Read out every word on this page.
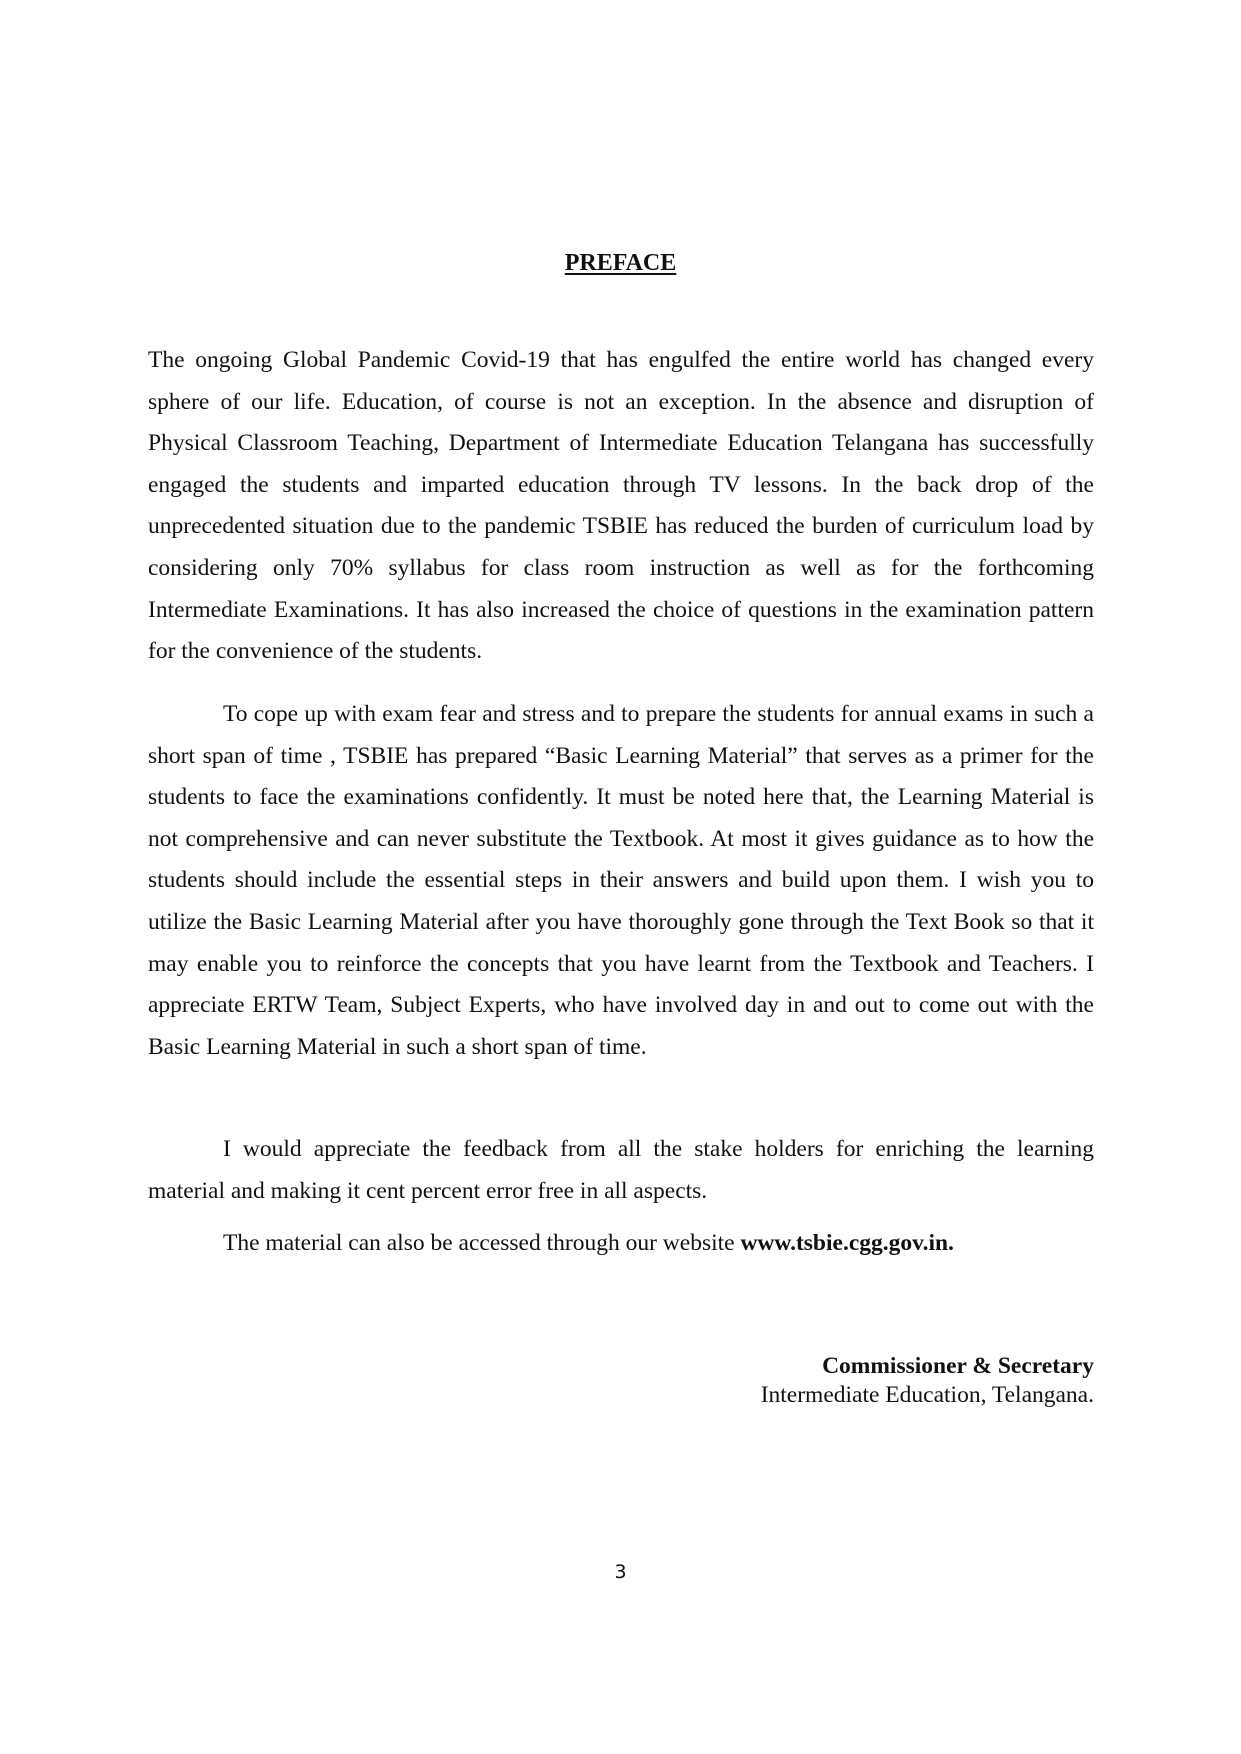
PREFACE

The ongoing Global Pandemic Covid-19 that has engulfed the entire world has changed every sphere of our life. Education, of course is not an exception. In the absence and disruption of Physical Classroom Teaching, Department of Intermediate Education Telangana has successfully engaged the students and imparted education through TV lessons. In the back drop of the unprecedented situation due to the pandemic TSBIE has reduced the burden of curriculum load by considering only 70% syllabus for class room instruction as well as for the forthcoming Intermediate Examinations. It has also increased the choice of questions in the examination pattern for the convenience of the students.

To cope up with exam fear and stress and to prepare the students for annual exams in such a short span of time , TSBIE has prepared “Basic Learning Material” that serves as a primer for the students to face the examinations confidently. It must be noted here that, the Learning Material is not comprehensive and can never substitute the Textbook. At most it gives guidance as to how the students should include the essential steps in their answers and build upon them. I wish you to utilize the Basic Learning Material after you have thoroughly gone through the Text Book so that it may enable you to reinforce the concepts that you have learnt from the Textbook and Teachers. I appreciate ERTW Team, Subject Experts, who have involved day in and out to come out with the Basic Learning Material in such a short span of time.

I would appreciate the feedback from all the stake holders for enriching the learning material and making it cent percent error free in all aspects.

The material can also be accessed through our website www.tsbie.cgg.gov.in.

Commissioner & Secretary
Intermediate Education, Telangana.
3
